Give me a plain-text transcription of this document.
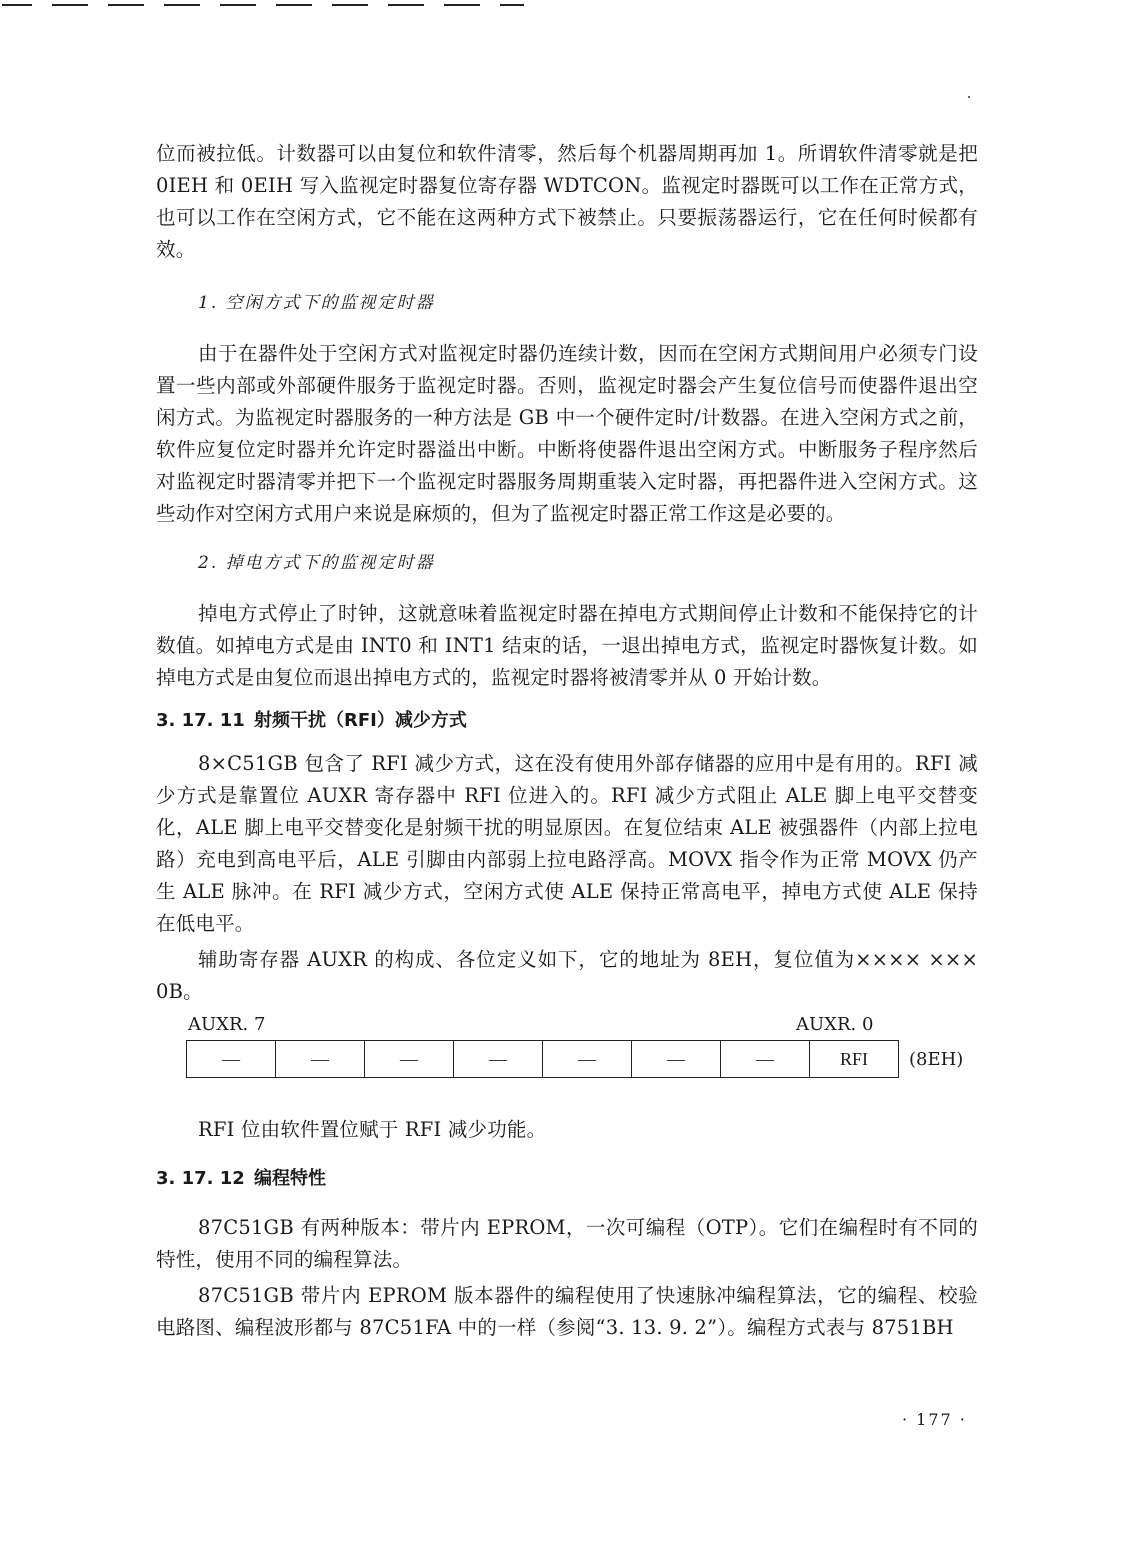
位而被拉低。计数器可以由复位和软件清零，然后每个机器周期再加 1。所谓软件清零就是把 0IEH 和 0EIH 写入监视定时器复位寄存器 WDTCON。监视定时器既可以工作在正常方式，也可以工作在空闲方式，它不能在这两种方式下被禁止。只要振荡器运行，它在任何时候都有效。

1. 空闲方式下的监视定时器

由于在器件处于空闲方式对监视定时器仍连续计数，因而在空闲方式期间用户必须专门设置一些内部或外部硬件服务于监视定时器。否则，监视定时器会产生复位信号而使器件退出空闲方式。为监视定时器服务的一种方法是 GB 中一个硬件定时/计数器。在进入空闲方式之前，软件应复位定时器并允许定时器溢出中断。中断将使器件退出空闲方式。中断服务子程序然后对监视定时器清零并把下一个监视定时器服务周期重装入定时器，再把器件进入空闲方式。这些动作对空闲方式用户来说是麻烦的，但为了监视定时器正常工作这是必要的。

2. 掉电方式下的监视定时器

掉电方式停止了时钟，这就意味着监视定时器在掉电方式期间停止计数和不能保持它的计数值。如掉电方式是由 INT0 和 INT1 结束的话，一退出掉电方式，监视定时器恢复计数。如掉电方式是由复位而退出掉电方式的，监视定时器将被清零并从 0 开始计数。

3. 17. 11 射频干扰（RFI）减少方式

8×C51GB 包含了 RFI 减少方式，这在没有使用外部存储器的应用中是有用的。RFI 减少方式是靠置位 AUXR 寄存器中 RFI 位进入的。RFI 减少方式阻止 ALE 脚上电平交替变化，ALE 脚上电平交替变化是射频干扰的明显原因。在复位结束 ALE 被强器件（内部上拉电路）充电到高电平后，ALE 引脚由内部弱上拉电路浮高。MOVX 指令作为正常 MOVX 仍产生 ALE 脉冲。在 RFI 减少方式，空闲方式使 ALE 保持正常高电平，掉电方式使 ALE 保持在低电平。

辅助寄存器 AUXR 的构成、各位定义如下，它的地址为 8EH，复位值为×××× ××× 0B。

AUXR. 7	AUXR. 0
—	—	—	—	—	—	—	RFI (8EH)

RFI 位由软件置位赋于 RFI 减少功能。

3. 17. 12 编程特性

87C51GB 有两种版本：带片内 EPROM，一次可编程（OTP）。它们在编程时有不同的特性，使用不同的编程算法。

87C51GB 带片内 EPROM 版本器件的编程使用了快速脉冲编程算法，它的编程、校验电路图、编程波形都与 87C51FA 中的一样（参阅“3. 13. 9. 2”）。编程方式表与 8751BH

· 177 ·
